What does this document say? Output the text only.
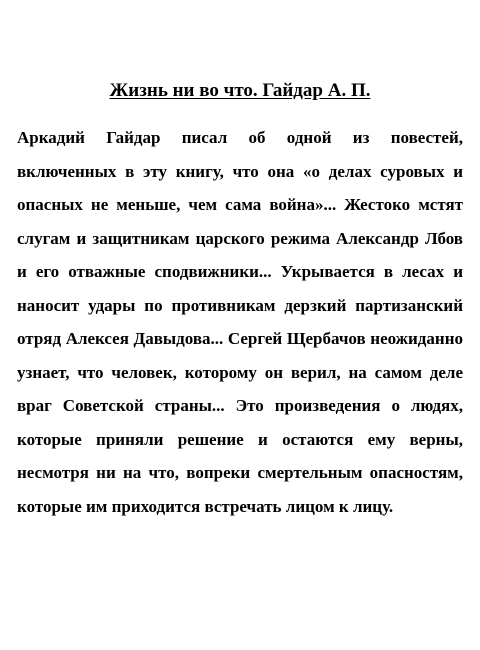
Жизнь ни во что. Гайдар А. П.

Аркадий Гайдар писал об одной из повестей, включенных в эту книгу, что она «о делах суровых и опасных не меньше, чем сама война»... Жестоко мстят слугам и защитникам царского режима Александр Лбов и его отважные сподвижники... Укрывается в лесах и наносит удары по противникам дерзкий партизанский отряд Алексея Давыдова... Сергей Щербачов неожиданно узнает, что человек, которому он верил, на самом деле враг Советской страны... Это произведения о людях, которые приняли решение и остаются ему верны, несмотря ни на что, вопреки смертельным опасностям, которые им приходится встречать лицом к лицу.
